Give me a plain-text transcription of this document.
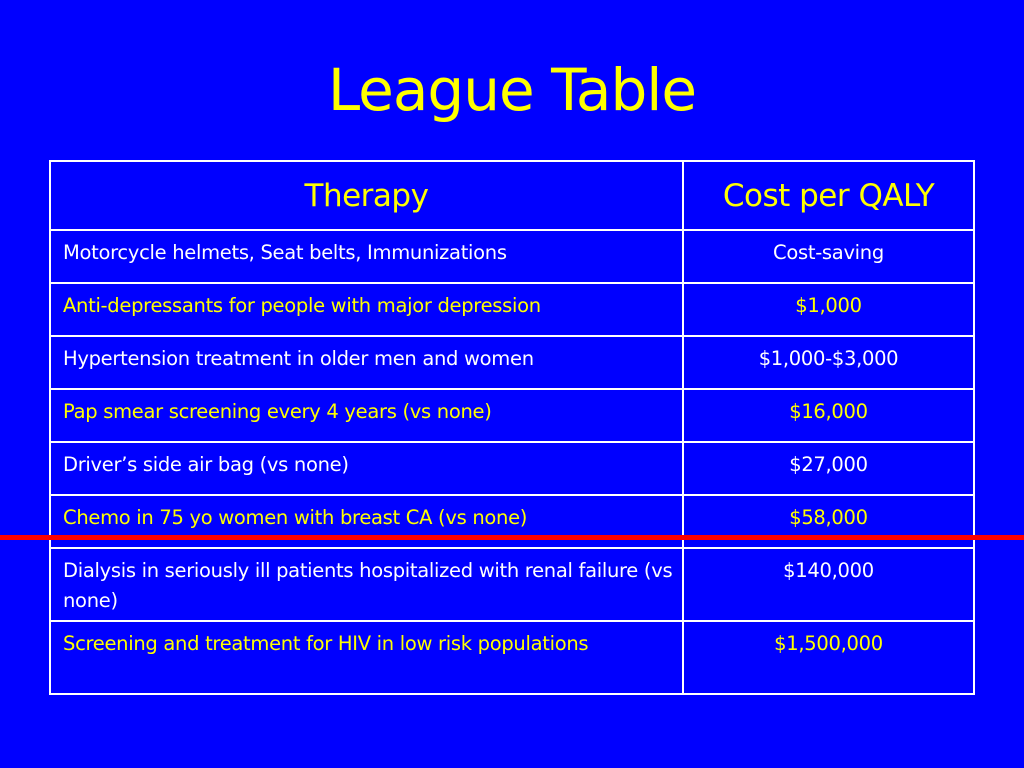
League Table
Therapy	Cost per QALY
Motorcycle helmets, Seat belts, Immunizations	Cost-saving
Anti-depressants for people with major depression	$1,000
Hypertension treatment in older men and women	$1,000-$3,000
Pap smear screening every 4 years (vs none)	$16,000
Driver’s side air bag (vs none)	$27,000
Chemo in 75 yo women with breast CA (vs none)	$58,000
Dialysis in seriously ill patients hospitalized with renal failure (vs none)	$140,000
Screening and treatment for HIV in low risk populations	$1,500,000
